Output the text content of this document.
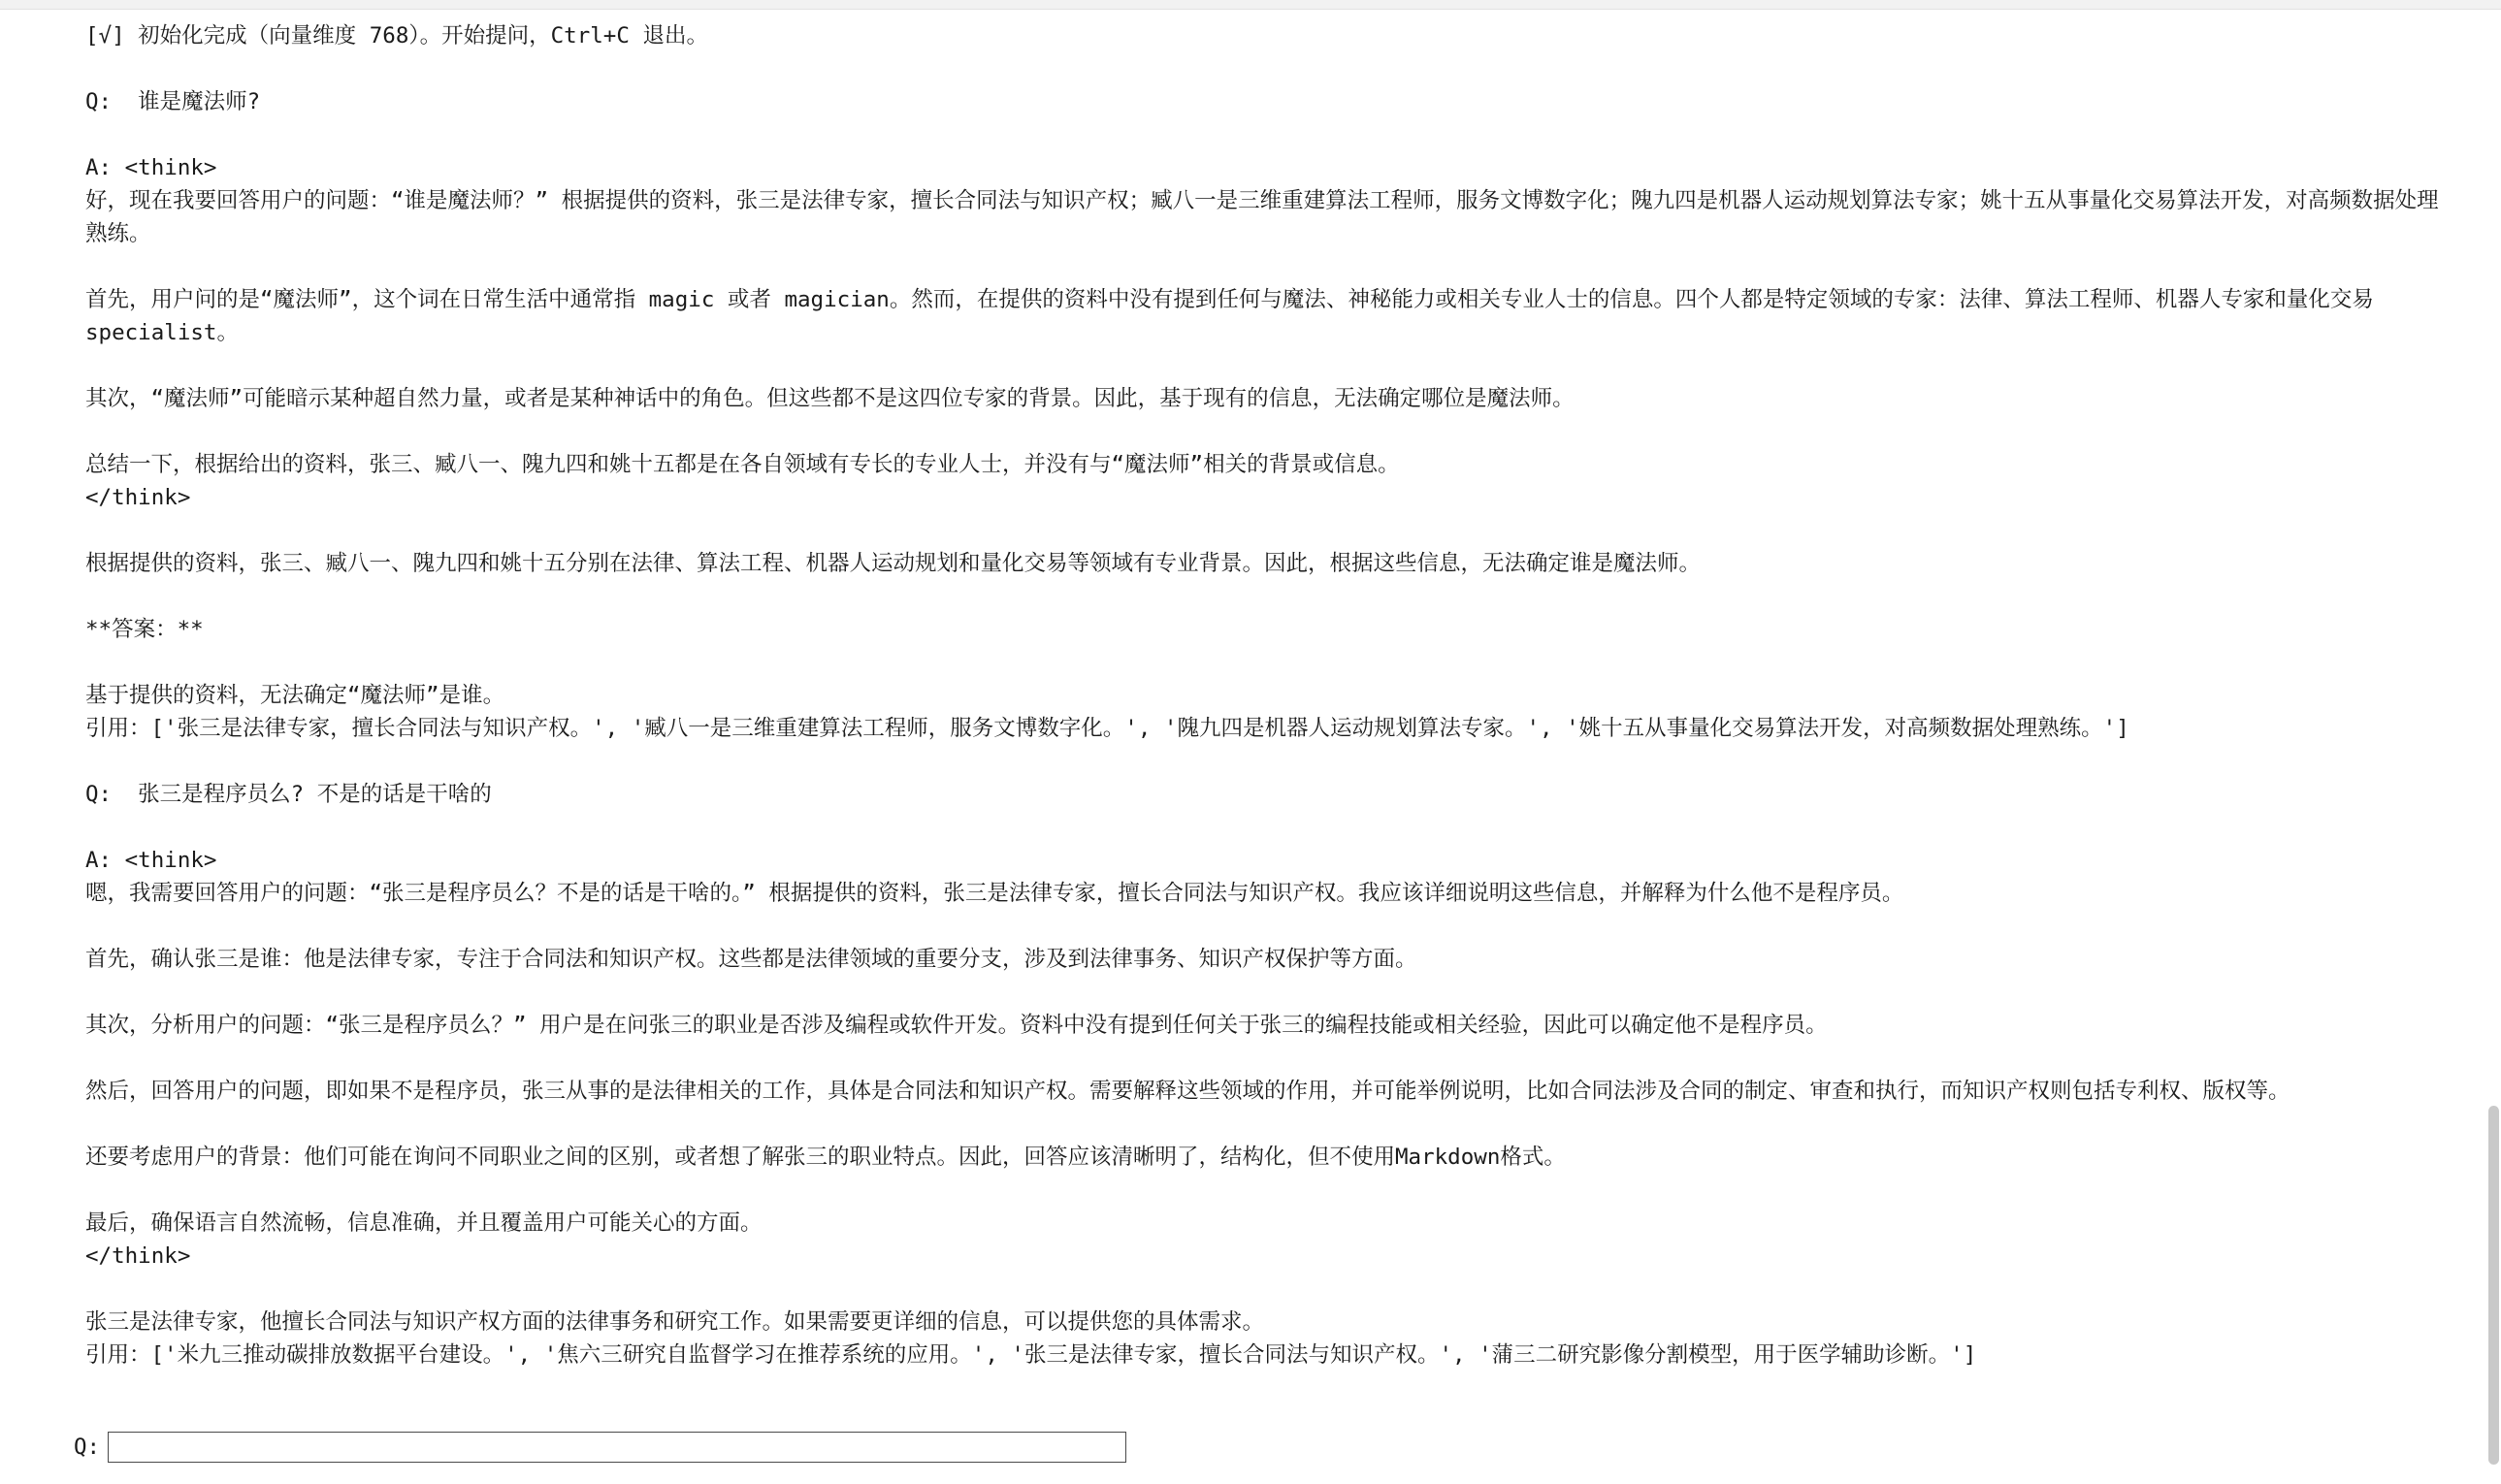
[√] 初始化完成（向量维度 768）。开始提问，Ctrl+C 退出。
Q:  谁是魔法师?
A: <think>
好，现在我要回答用户的问题：“谁是魔法师？” 根据提供的资料，张三是法律专家，擅长合同法与知识产权；臧八一是三维重建算法工程师，服务文博数字化；隗九四是机器人运动规划算法专家；姚十五从事量化交易算法开发，对高频数据处理熟练。
首先，用户问的是“魔法师”，这个词在日常生活中通常指 magic 或者 magician。然而，在提供的资料中没有提到任何与魔法、神秘能力或相关专业人士的信息。四个人都是特定领域的专家：法律、算法工程师、机器人专家和量化交易 specialist。
其次，“魔法师”可能暗示某种超自然力量，或者是某种神话中的角色。但这些都不是这四位专家的背景。因此，基于现有的信息，无法确定哪位是魔法师。
总结一下，根据给出的资料，张三、臧八一、隗九四和姚十五都是在各自领域有专长的专业人士，并没有与“魔法师”相关的背景或信息。
</think>
根据提供的资料，张三、臧八一、隗九四和姚十五分别在法律、算法工程、机器人运动规划和量化交易等领域有专业背景。因此，根据这些信息，无法确定谁是魔法师。
**答案：**
基于提供的资料，无法确定“魔法师”是谁。
引用：['张三是法律专家，擅长合同法与知识产权。', '臧八一是三维重建算法工程师，服务文博数字化。', '隗九四是机器人运动规划算法专家。', '姚十五从事量化交易算法开发，对高频数据处理熟练。']
Q:  张三是程序员么? 不是的话是干啥的
A: <think>
嗯，我需要回答用户的问题：“张三是程序员么？不是的话是干啥的。” 根据提供的资料，张三是法律专家，擅长合同法与知识产权。我应该详细说明这些信息，并解释为什么他不是程序员。
首先，确认张三是谁：他是法律专家，专注于合同法和知识产权。这些都是法律领域的重要分支，涉及到法律事务、知识产权保护等方面。
其次，分析用户的问题：“张三是程序员么？” 用户是在问张三的职业是否涉及编程或软件开发。资料中没有提到任何关于张三的编程技能或相关经验，因此可以确定他不是程序员。
然后，回答用户的问题，即如果不是程序员，张三从事的是法律相关的工作，具体是合同法和知识产权。需要解释这些领域的作用，并可能举例说明，比如合同法涉及合同的制定、审查和执行，而知识产权则包括专利权、版权等。
还要考虑用户的背景：他们可能在询问不同职业之间的区别，或者想了解张三的职业特点。因此，回答应该清晰明了，结构化，但不使用Markdown格式。
最后，确保语言自然流畅，信息准确，并且覆盖用户可能关心的方面。
</think>
张三是法律专家，他擅长合同法与知识产权方面的法律事务和研究工作。如果需要更详细的信息，可以提供您的具体需求。
引用：['米九三推动碳排放数据平台建设。', '焦六三研究自监督学习在推荐系统的应用。', '张三是法律专家，擅长合同法与知识产权。', '蒲三二研究影像分割模型，用于医学辅助诊断。']
Q:
